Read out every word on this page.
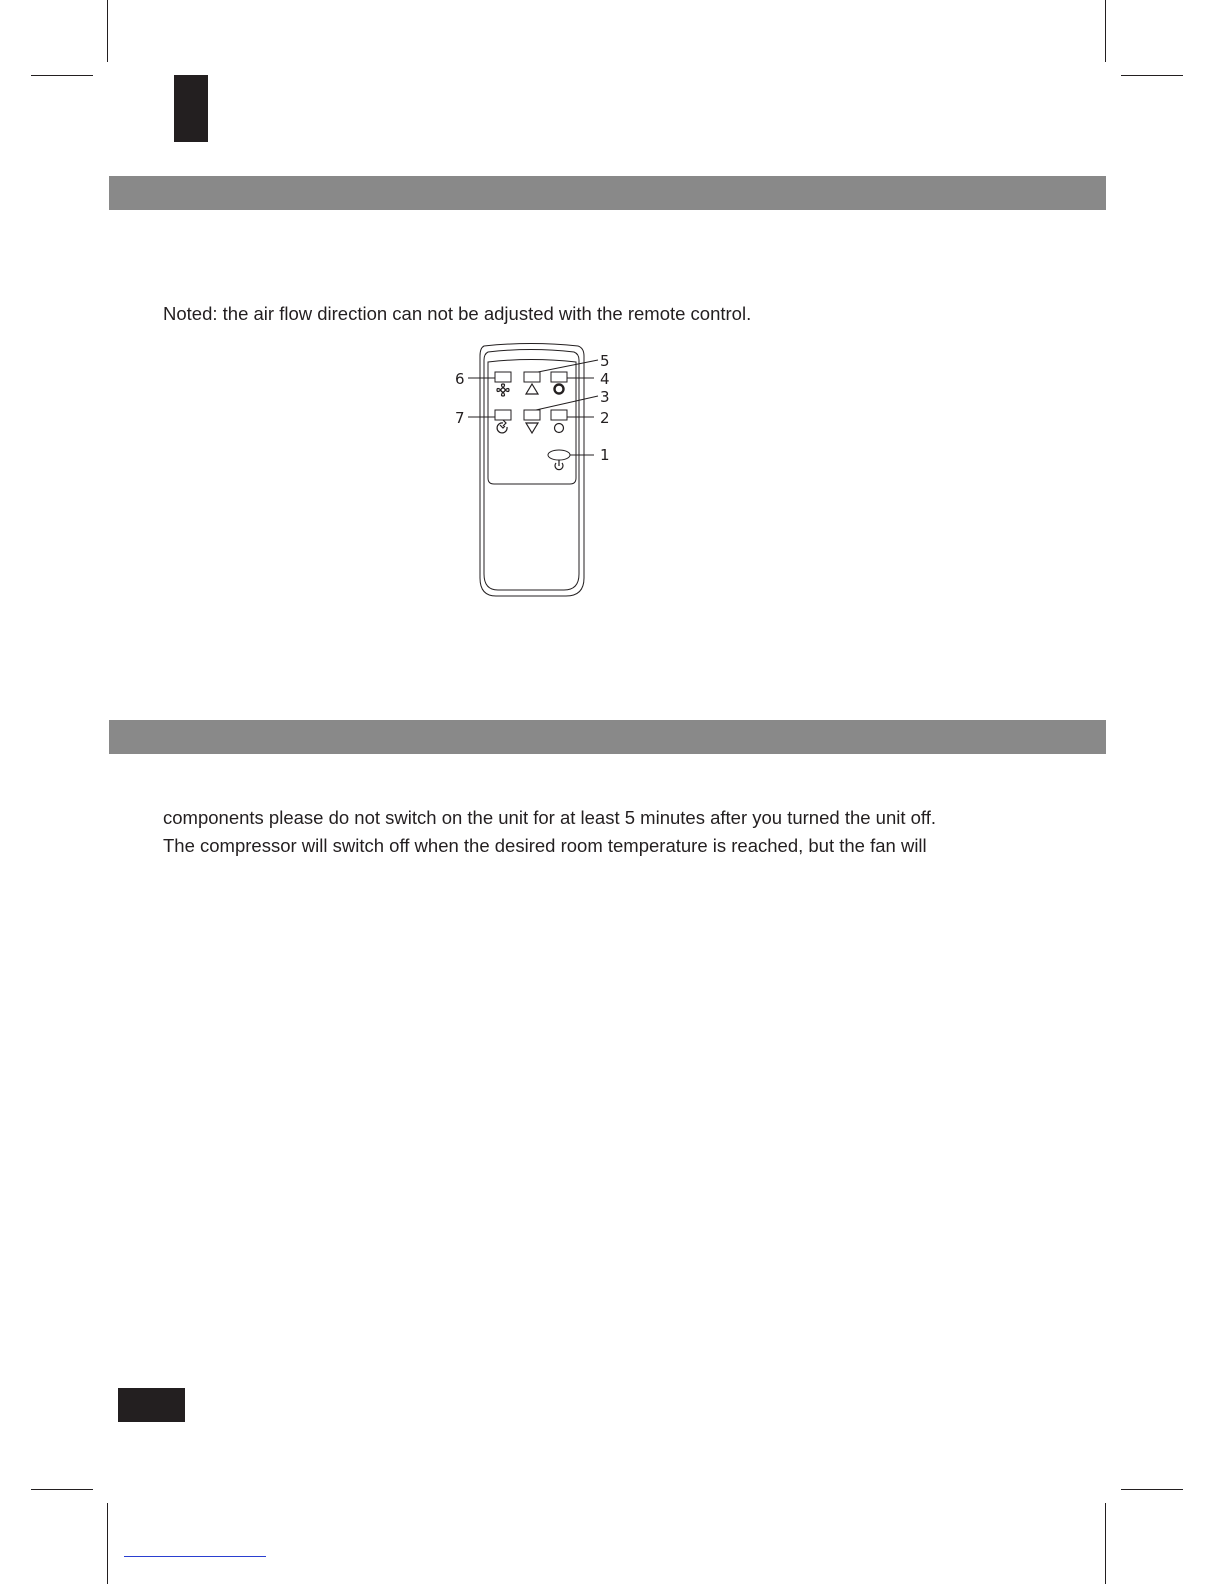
Noted: the air flow direction can not be adjusted with the remote control.

5
4
3
2
1
6
7

components please do not switch on the unit for at least 5 minutes after you turned the unit off.
The compressor will switch off when the desired room temperature is reached, but the fan will
